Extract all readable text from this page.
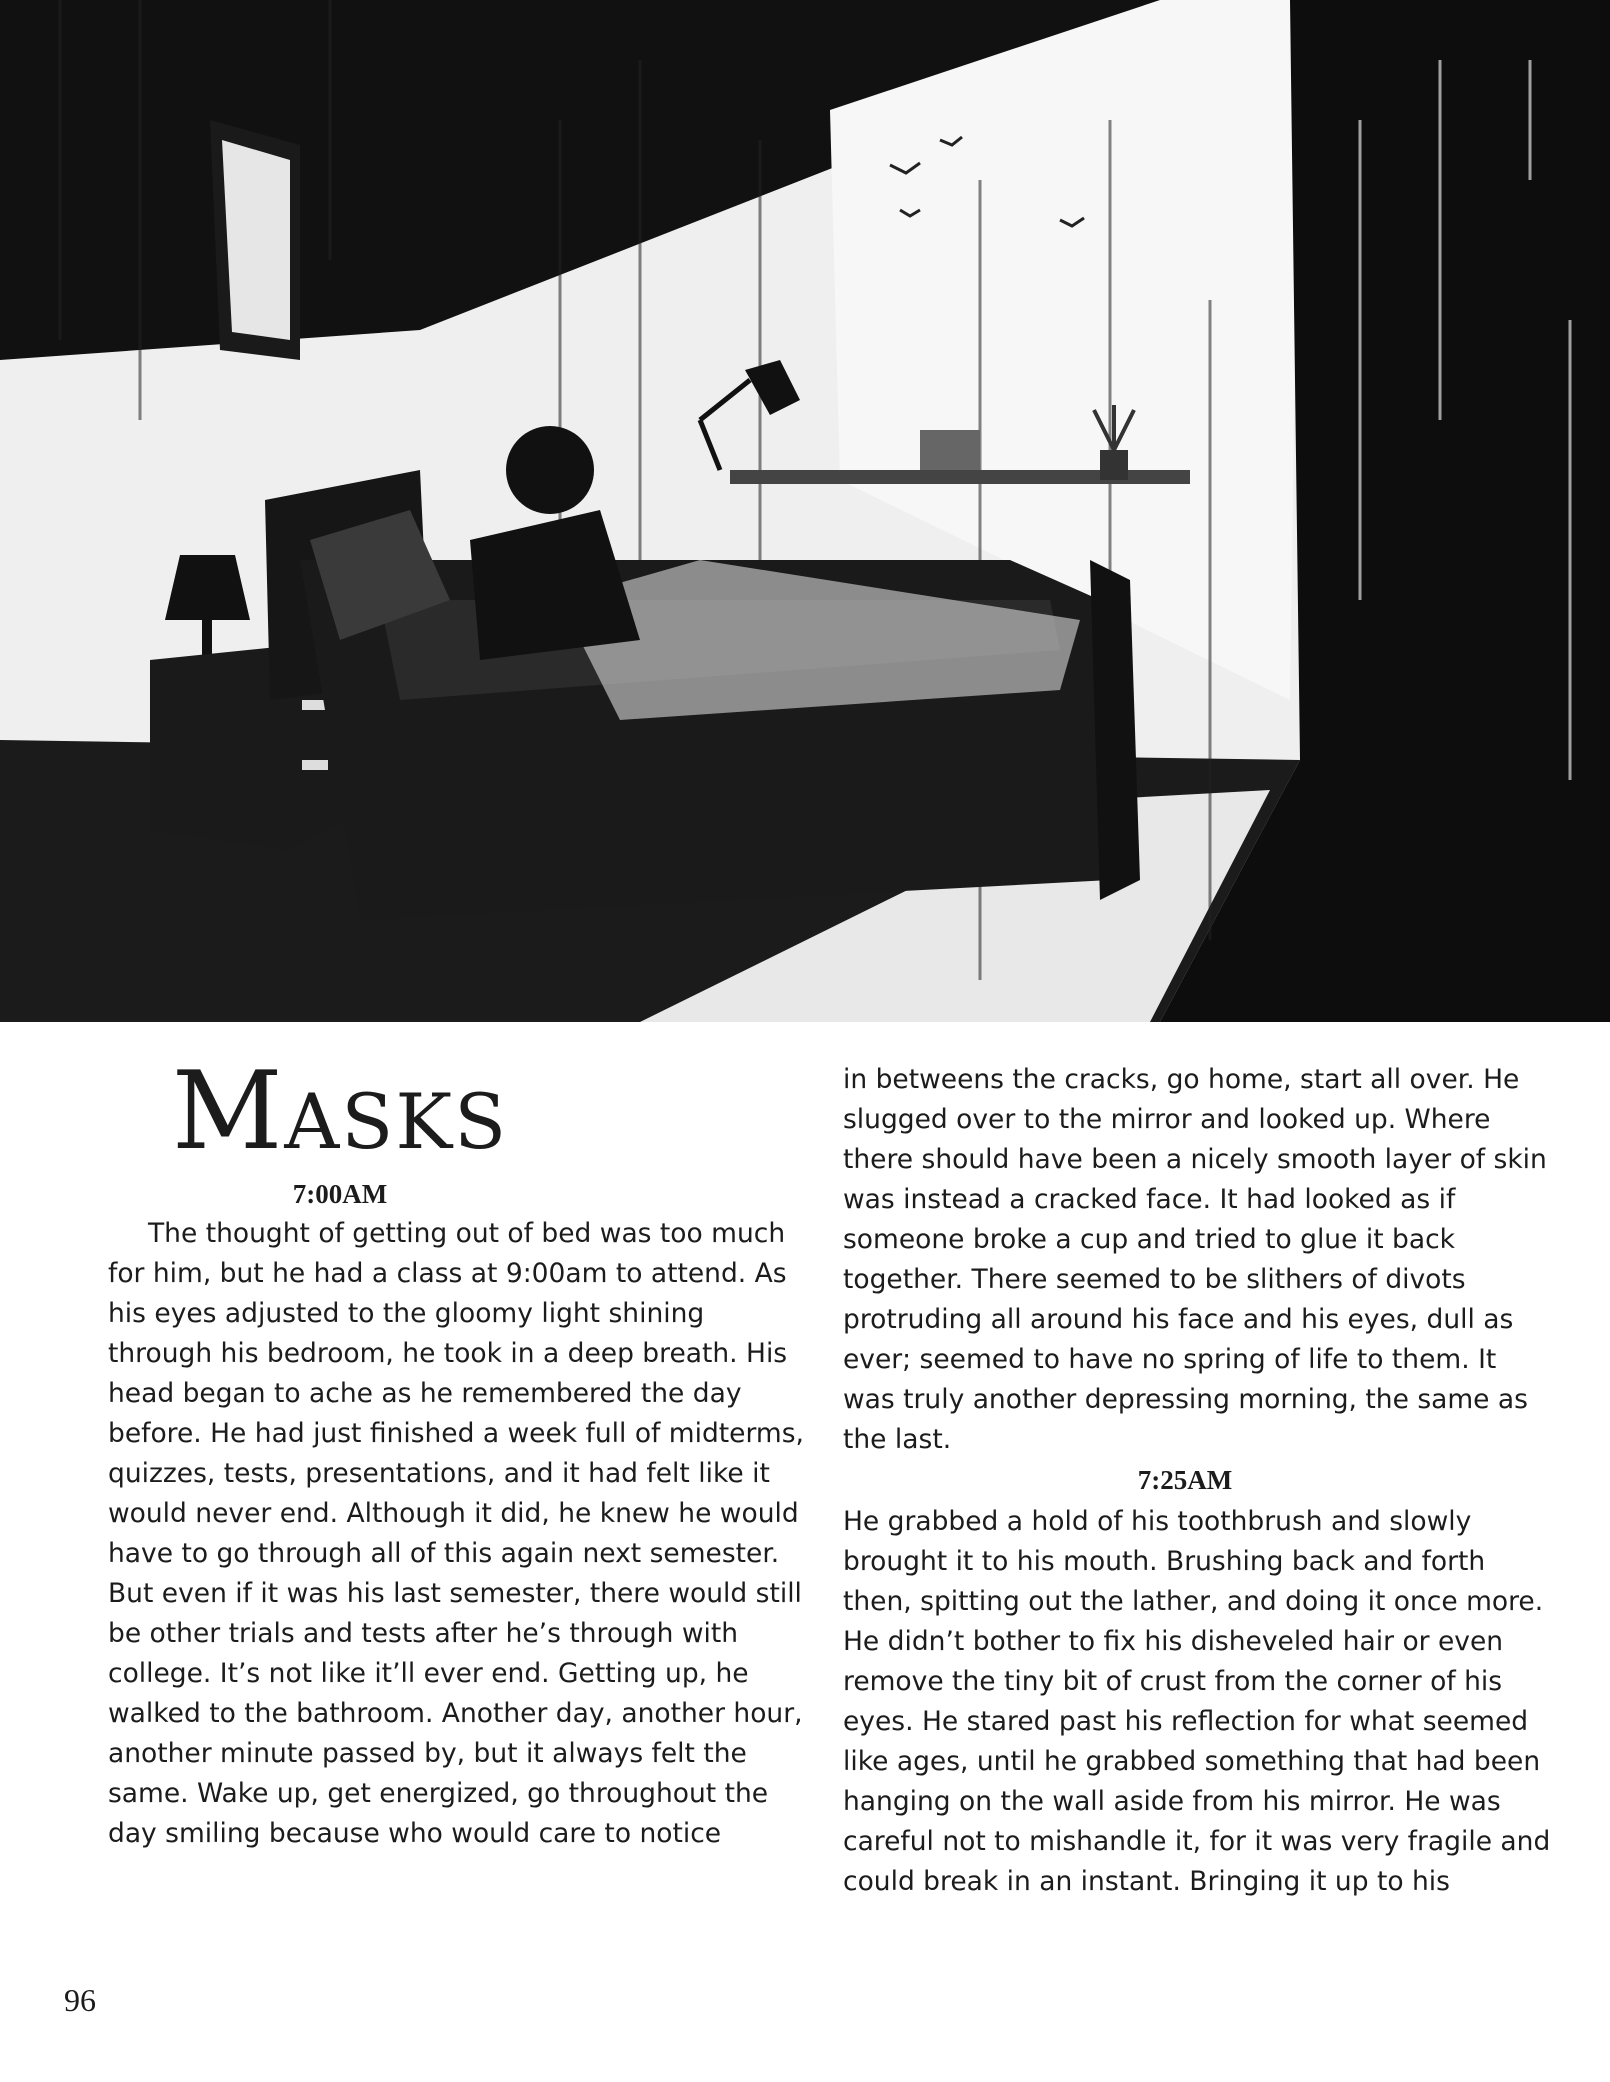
Masks
7:00AM

The thought of getting out of bed was too much for him, but he had a class at 9:00am to attend. As his eyes adjusted to the gloomy light shining through his bedroom, he took in a deep breath. His head began to ache as he remembered the day before. He had just finished a week full of midterms, quizzes, tests, presentations, and it had felt like it would never end. Although it did, he knew he would have to go through all of this again next semester. But even if it was his last semester, there would still be other trials and tests after he’s through with college. It’s not like it’ll ever end. Getting up, he walked to the bathroom. Another day, another hour, another minute passed by, but it always felt the same. Wake up, get energized, go throughout the day smiling because who would care to notice

in betweens the cracks, go home, start all over. He slugged over to the mirror and looked up. Where there should have been a nicely smooth layer of skin was instead a cracked face. It had looked as if someone broke a cup and tried to glue it back together. There seemed to be slithers of divots protruding all around his face and his eyes, dull as ever; seemed to have no spring of life to them. It was truly another depressing morning, the same as the last.

7:25AM

He grabbed a hold of his toothbrush and slowly brought it to his mouth. Brushing back and forth then, spitting out the lather, and doing it once more. He didn’t bother to fix his disheveled hair or even remove the tiny bit of crust from the corner of his eyes. He stared past his reflection for what seemed like ages, until he grabbed something that had been hanging on the wall aside from his mirror. He was careful not to mishandle it, for it was very fragile and could break in an instant. Bringing it up to his

96
